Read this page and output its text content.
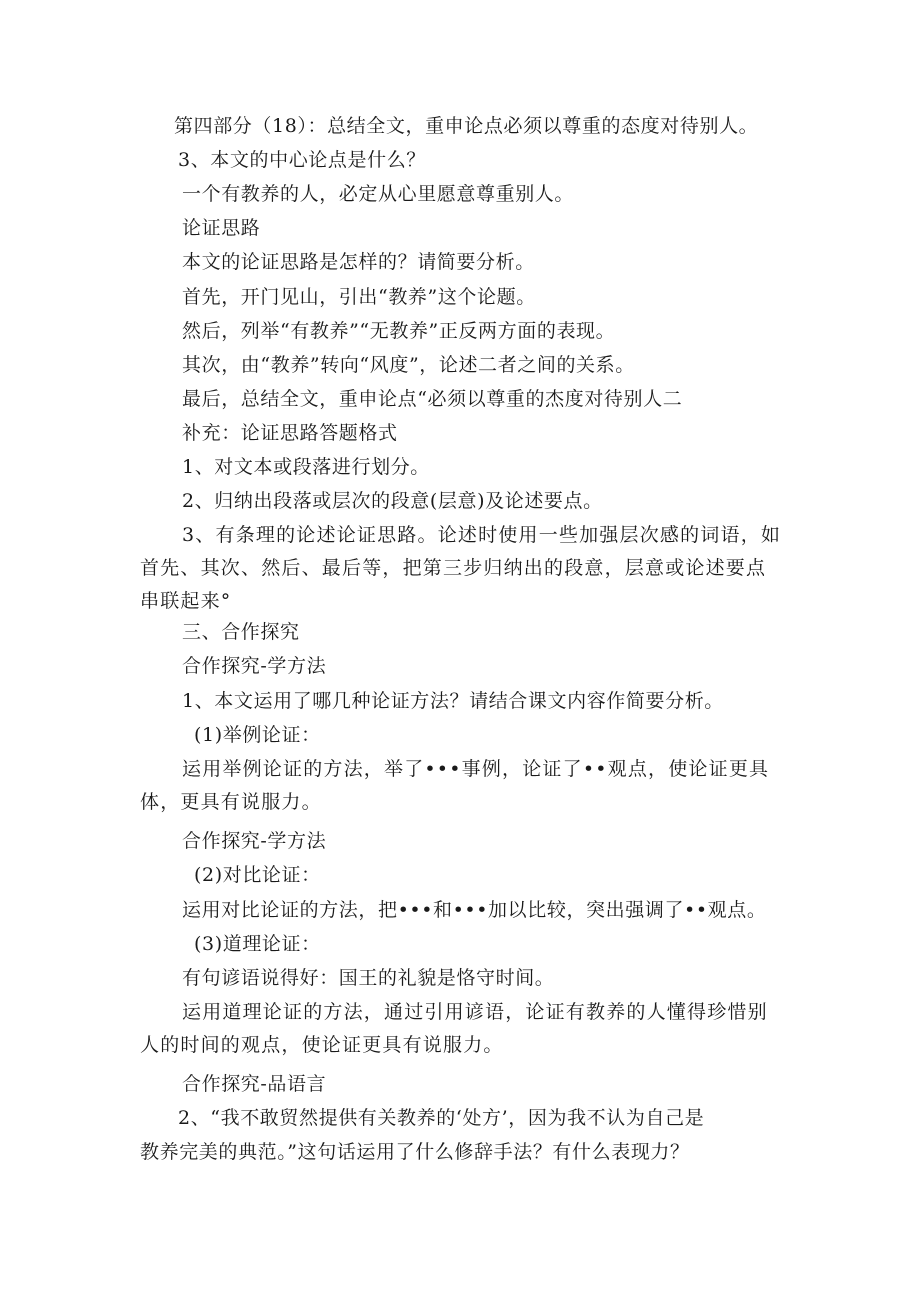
第四部分（18）：总结全文，重申论点必须以尊重的态度对待别人。
3、本文的中心论点是什么？
一个有教养的人，必定从心里愿意尊重别人。
论证思路
本文的论证思路是怎样的？请简要分析。
首先，开门见山，引出“教养”这个论题。
然后，列举“有教养”“无教养”正反两方面的表现。
其次，由“教养”转向“风度”，论述二者之间的关系。
最后，总结全文，重申论点“必须以尊重的杰度对待别人二
补充：论证思路答题格式
1、对文本或段落进行划分。
2、归纳出段落或层次的段意(层意)及论述要点。
3、有条理的论述论证思路。论述时使用一些加强层次感的词语，如首先、其次、然后、最后等，把第三步归纳出的段意，层意或论述要点串联起来°
三、合作探究
合作探究-学方法
1、本文运用了哪几种论证方法？请结合课文内容作简要分析。
(1)举例论证：
运用举例论证的方法，举了•••事例，论证了••观点，使论证更具体，更具有说服力。
合作探究-学方法
(2)对比论证：
运用对比论证的方法，把•••和•••加以比较，突出强调了••观点。
(3)道理论证：
有句谚语说得好：国王的礼貌是恪守时间。
运用道理论证的方法，通过引用谚语，论证有教养的人懂得珍惜别人的时间的观点，使论证更具有说服力。
合作探究-品语言
2、“我不敢贸然提供有关教养的‘处方’，因为我不认为自己是
教养完美的典范。”这句话运用了什么修辞手法？有什么表现力？
